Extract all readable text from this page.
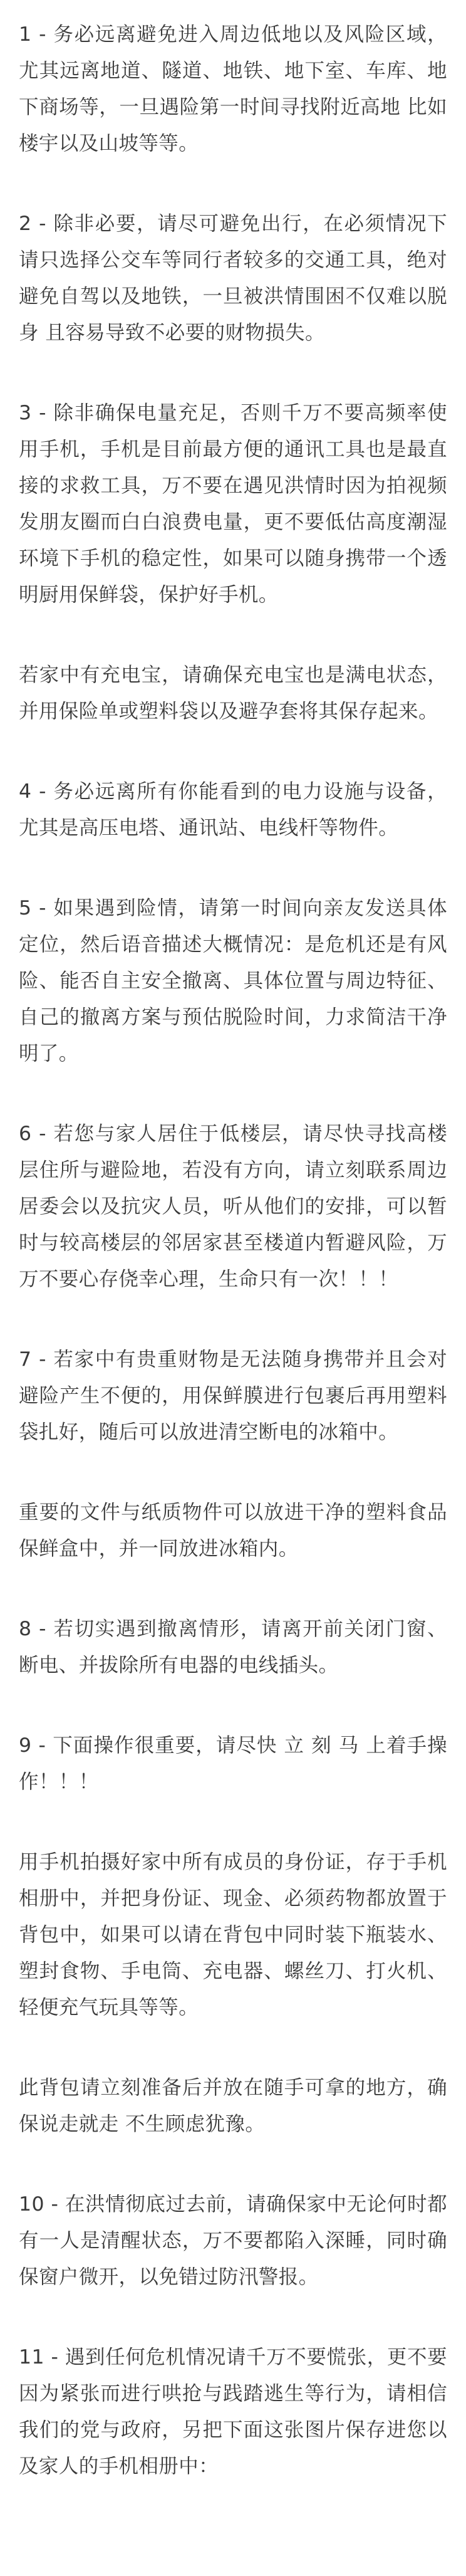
1 - 务必远离避免进入周边低地以及风险区域，尤其远离地道、隧道、地铁、地下室、车库、地下商场等，一旦遇险第一时间寻找附近高地 比如楼宇以及山坡等等。

2 - 除非必要，请尽可避免出行，在必须情况下请只选择公交车等同行者较多的交通工具，绝对避免自驾以及地铁，一旦被洪情围困不仅难以脱身 且容易导致不必要的财物损失。

3 - 除非确保电量充足，否则千万不要高频率使用手机，手机是目前最方便的通讯工具也是最直接的求救工具，万不要在遇见洪情时因为拍视频发朋友圈而白白浪费电量，更不要低估高度潮湿环境下手机的稳定性，如果可以随身携带一个透明厨用保鲜袋，保护好手机。

若家中有充电宝，请确保充电宝也是满电状态，并用保险单或塑料袋以及避孕套将其保存起来。

4 - 务必远离所有你能看到的电力设施与设备，尤其是高压电塔、通讯站、电线杆等物件。

5 - 如果遇到险情，请第一时间向亲友发送具体定位，然后语音描述大概情况：是危机还是有风险、能否自主安全撤离、具体位置与周边特征、自己的撤离方案与预估脱险时间，力求简洁干净明了。

6 - 若您与家人居住于低楼层，请尽快寻找高楼层住所与避险地，若没有方向，请立刻联系周边居委会以及抗灾人员，听从他们的安排，可以暂时与较高楼层的邻居家甚至楼道内暂避风险，万万不要心存侥幸心理，生命只有一次！！！

7 - 若家中有贵重财物是无法随身携带并且会对避险产生不便的，用保鲜膜进行包裹后再用塑料袋扎好，随后可以放进清空断电的冰箱中。

重要的文件与纸质物件可以放进干净的塑料食品保鲜盒中，并一同放进冰箱内。

8 - 若切实遇到撤离情形，请离开前关闭门窗、断电、并拔除所有电器的电线插头。

9 - 下面操作很重要，请尽快 立 刻 马 上着手操作！！！

用手机拍摄好家中所有成员的身份证，存于手机相册中，并把身份证、现金、必须药物都放置于背包中，如果可以请在背包中同时装下瓶装水、塑封食物、手电筒、充电器、螺丝刀、打火机、轻便充气玩具等等。

此背包请立刻准备后并放在随手可拿的地方，确保说走就走 不生顾虑犹豫。

10 - 在洪情彻底过去前，请确保家中无论何时都有一人是清醒状态，万不要都陷入深睡，同时确保窗户微开，以免错过防汛警报。

11 - 遇到任何危机情况请千万不要慌张，更不要因为紧张而进行哄抢与践踏逃生等行为，请相信我们的党与政府，另把下面这张图片保存进您以及家人的手机相册中：
